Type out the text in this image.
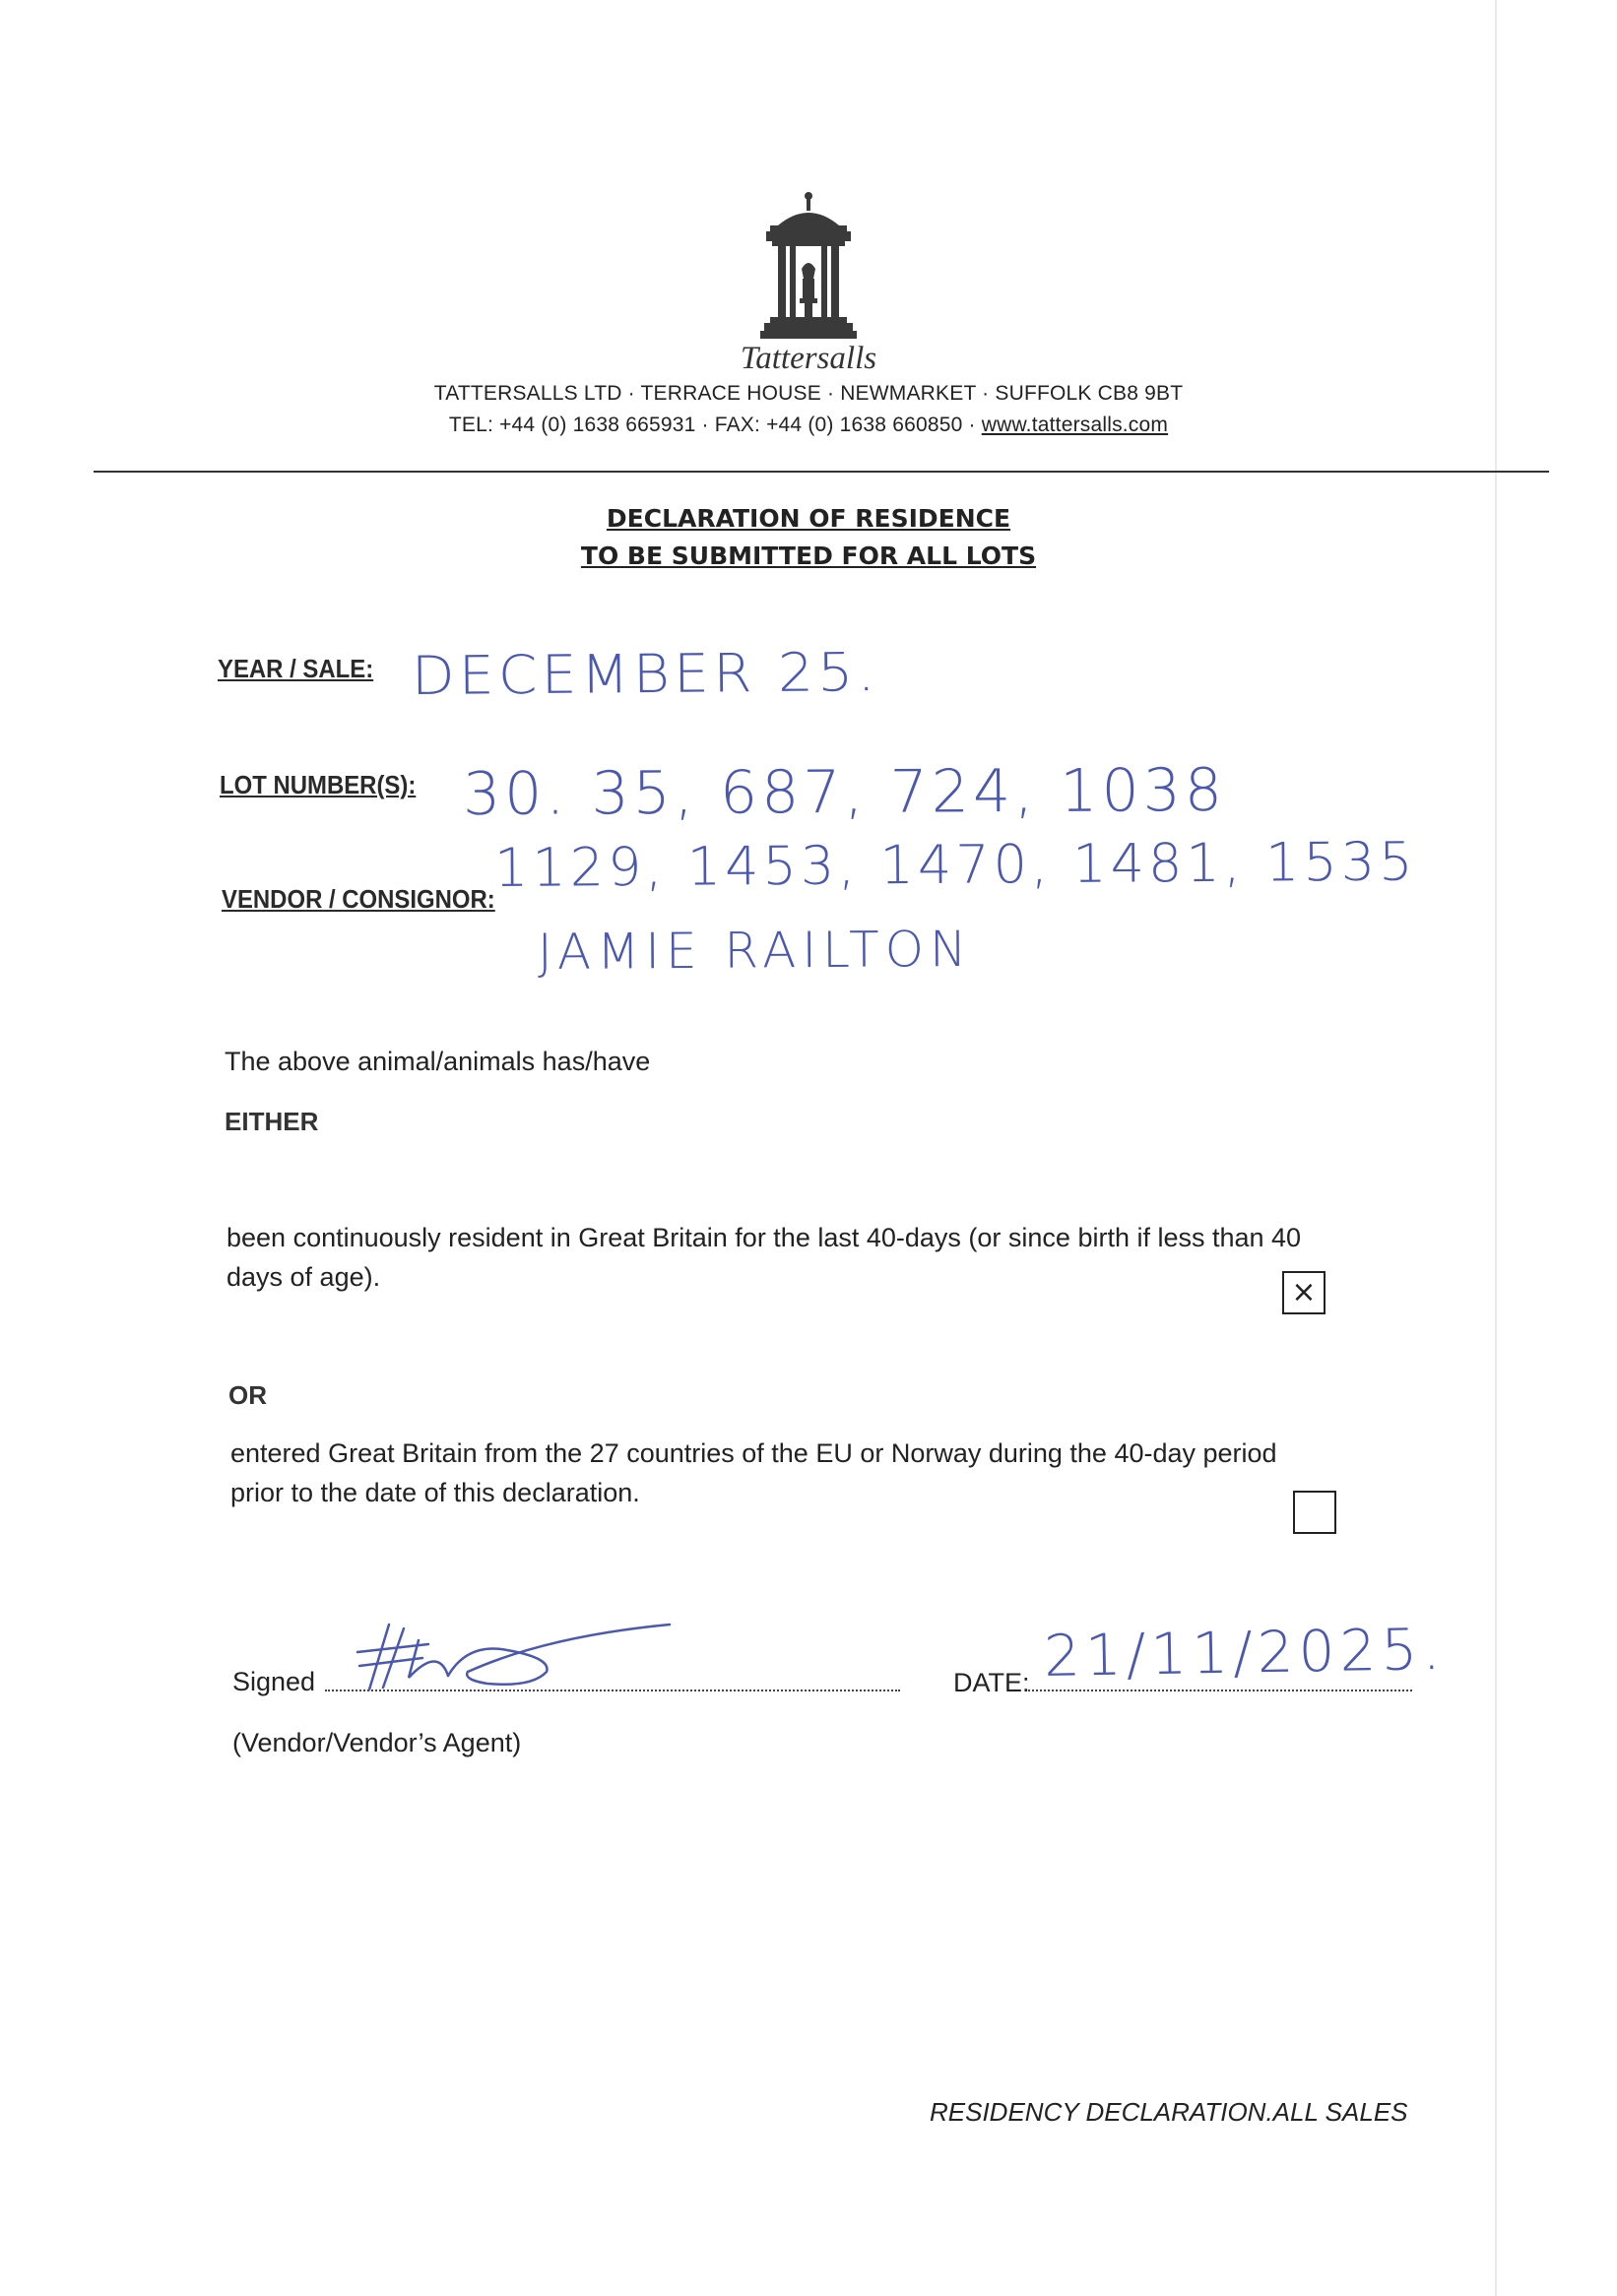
Tattersalls
TATTERSALLS LTD · TERRACE HOUSE · NEWMARKET · SUFFOLK CB8 9BT
TEL: +44 (0) 1638 665931 · FAX: +44 (0) 1638 660850 · www.tattersalls.com
DECLARATION OF RESIDENCE
TO BE SUBMITTED FOR ALL LOTS
YEAR / SALE: DECEMBER 25.
LOT NUMBER(S): 30. 35, 687, 724, 1038
1129, 1453, 1470, 1481, 1535
VENDOR / CONSIGNOR:
JAMIE RAILTON
The above animal/animals has/have
EITHER
been continuously resident in Great Britain for the last 40-days (or since birth if less than 40
days of age).	×
OR
entered Great Britain from the 27 countries of the EU or Norway during the 40-day period
prior to the date of this declaration.
Signed	DATE: 21/11/2025.
(Vendor/Vendor’s Agent)
RESIDENCY DECLARATION.ALL SALES
